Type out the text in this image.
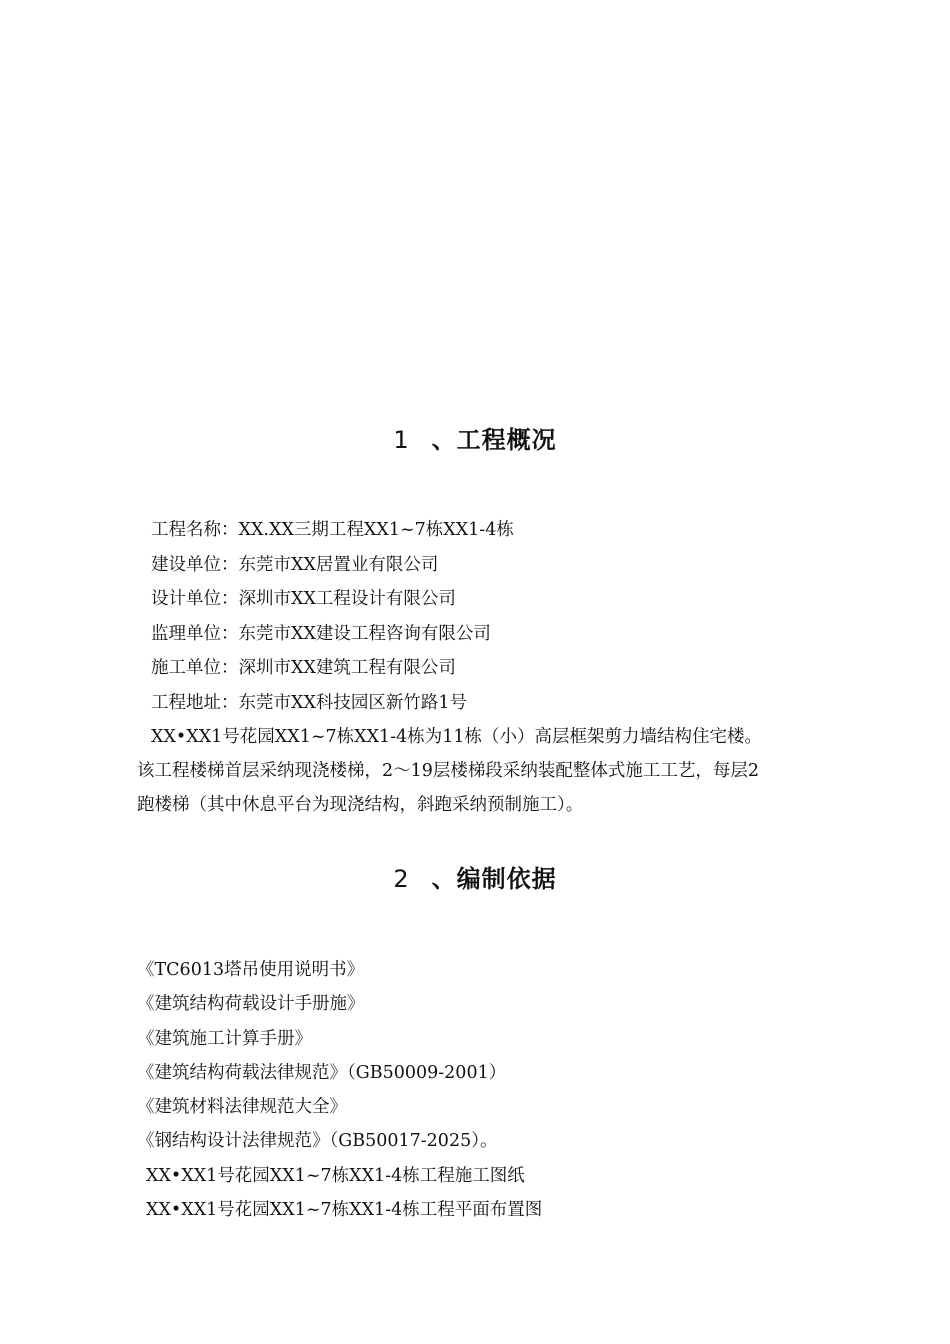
1 、工程概况
工程名称：XX.XX三期工程XX1~7栋XX1-4栋
建设单位：东莞市XX居置业有限公司
设计单位：深圳市XX工程设计有限公司
监理单位：东莞市XX建设工程咨询有限公司
施工单位：深圳市XX建筑工程有限公司
工程地址：东莞市XX科技园区新竹路1号
XX•XX1号花园XX1~7栋XX1-4栋为11栋（小）高层框架剪力墙结构住宅楼。
该工程楼梯首层采纳现浇楼梯，2～19层楼梯段采纳装配整体式施工工艺，每层2
跑楼梯（其中休息平台为现浇结构，斜跑采纳预制施工）。
2 、编制依据
《TC6013塔吊使用说明书》
《建筑结构荷载设计手册施》
《建筑施工计算手册》
《建筑结构荷载法律规范》（GB50009-2001）
《建筑材料法律规范大全》
《钢结构设计法律规范》（GB50017-2025）。
XX•XX1号花园XX1~7栋XX1-4栋工程施工图纸
XX•XX1号花园XX1~7栋XX1-4栋工程平面布置图
